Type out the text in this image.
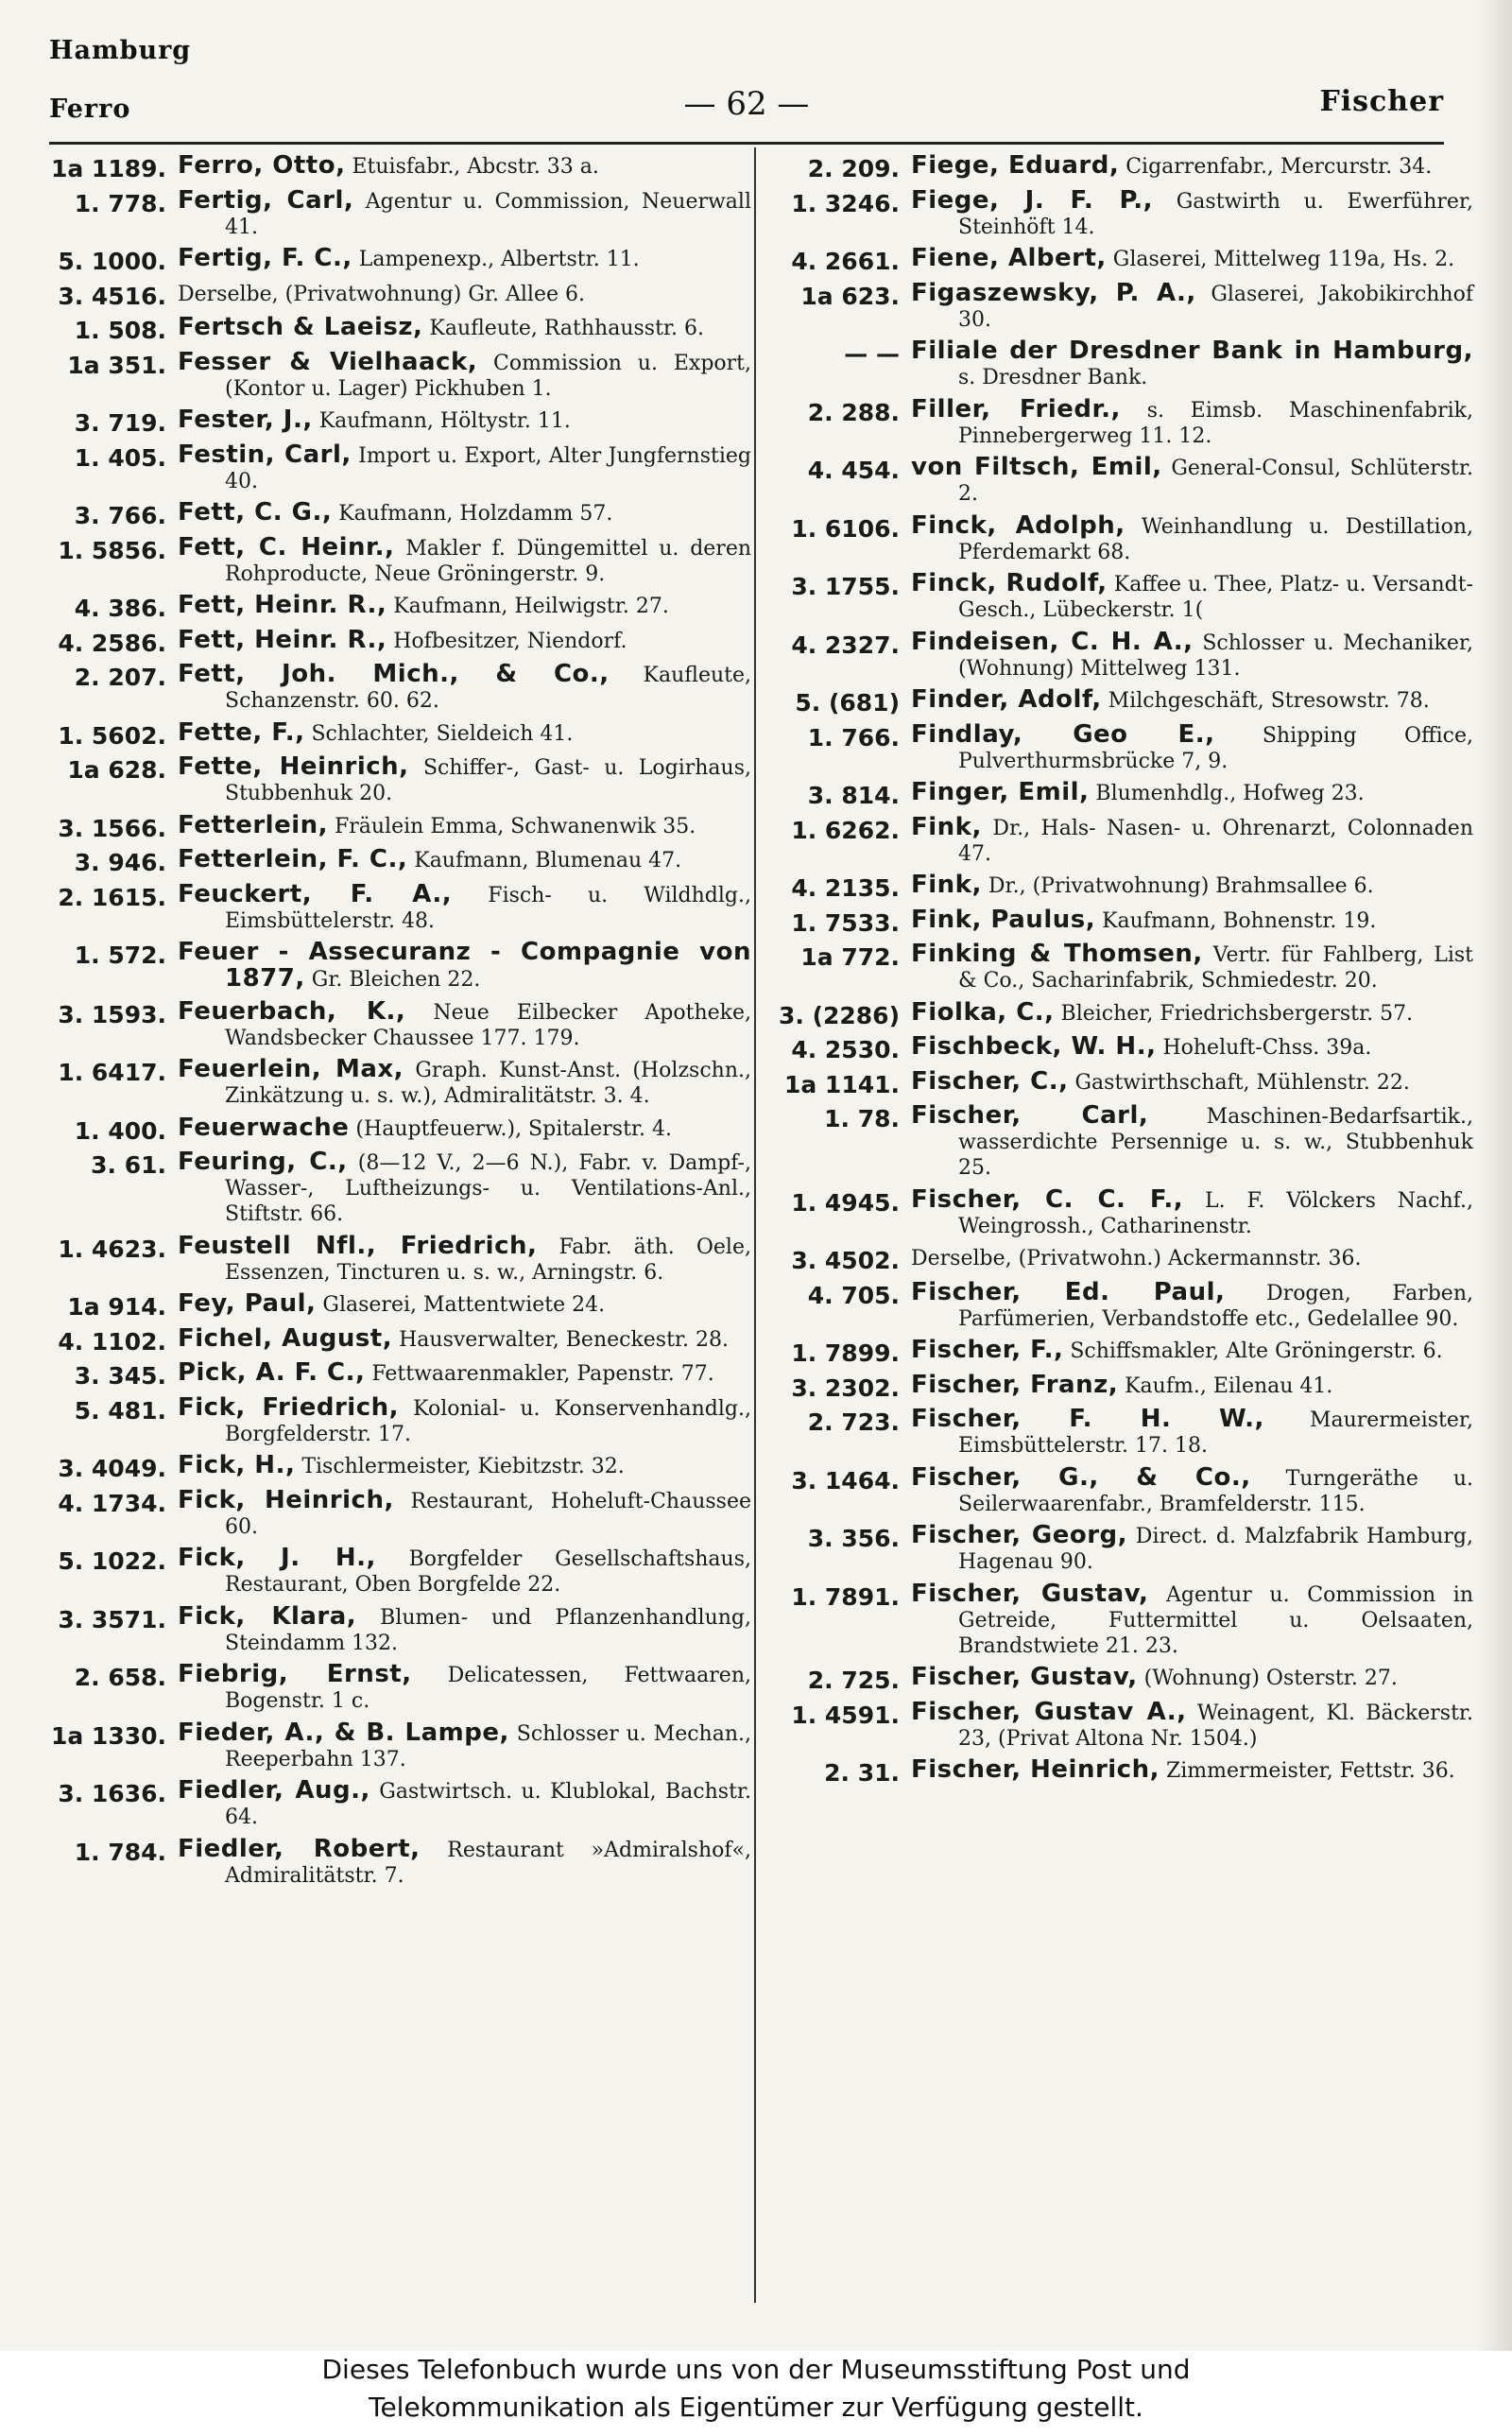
Hamburg
Ferro	— 62 —	Fischer
1a 1189. Ferro, Otto, Etuisfabr., Abcstr. 33 a.
1. 778. Fertig, Carl, Agentur u. Commission, Neuerwall 41.
5. 1000. Fertig, F. C., Lampenexp., Albertstr. 11.
3. 4516. Derselbe, (Privatwohnung) Gr. Allee 6.
1. 508. Fertsch & Laeisz, Kaufleute, Rathhausstr. 6.
1a 351. Fesser & Vielhaack, Commission u. Export, (Kontor u. Lager) Pickhuben 1.
3. 719. Fester, J., Kaufmann, Höltystr. 11.
1. 405. Festin, Carl, Import u. Export, Alter Jungfernstieg 40.
3. 766. Fett, C. G., Kaufmann, Holzdamm 57.
1. 5856. Fett, C. Heinr., Makler f. Düngemittel u. deren Rohproducte, Neue Gröningerstr. 9.
4. 386. Fett, Heinr. R., Kaufmann, Heilwigstr. 27.
4. 2586. Fett, Heinr. R., Hofbesitzer, Niendorf.
2. 207. Fett, Joh. Mich., & Co., Kaufleute, Schanzenstr. 60. 62.
1. 5602. Fette, F., Schlachter, Sieldeich 41.
1a 628. Fette, Heinrich, Schiffer-, Gast- u. Logirhaus, Stubbenhuk 20.
3. 1566. Fetterlein, Fräulein Emma, Schwanenwik 35.
3. 946. Fetterlein, F. C., Kaufmann, Blumenau 47.
2. 1615. Feuckert, F. A., Fisch- u. Wildhdlg., Eimsbüttelerstr. 48.
1. 572. Feuer - Assecuranz - Compagnie von 1877, Gr. Bleichen 22.
3. 1593. Feuerbach, K., Neue Eilbecker Apotheke, Wandsbecker Chaussee 177. 179.
1. 6417. Feuerlein, Max, Graph. Kunst-Anst. (Holzschn., Zinkätzung u. s. w.), Admiralitätstr. 3. 4.
1. 400. Feuerwache (Hauptfeuerw.), Spitalerstr. 4.
3. 61. Feuring, C., (8—12 V., 2—6 N.), Fabr. v. Dampf-, Wasser-, Luftheizungs- u. Ventilations-Anl., Stiftstr. 66.
1. 4623. Feustell Nfl., Friedrich, Fabr. äth. Oele, Essenzen, Tincturen u. s. w., Arningstr. 6.
1a 914. Fey, Paul, Glaserei, Mattentwiete 24.
4. 1102. Fichel, August, Hausverwalter, Beneckestr. 28.
3. 345. Pick, A. F. C., Fettwaarenmakler, Papenstr. 77.
5. 481. Fick, Friedrich, Kolonial- u. Konservenhandlg., Borgfelderstr. 17.
3. 4049. Fick, H., Tischlermeister, Kiebitzstr. 32.
4. 1734. Fick, Heinrich, Restaurant, Hoheluft-Chaussee 60.
5. 1022. Fick, J. H., Borgfelder Gesellschaftshaus, Restaurant, Oben Borgfelde 22.
3. 3571. Fick, Klara, Blumen- und Pflanzenhandlung, Steindamm 132.
2. 658. Fiebrig, Ernst, Delicatessen, Fettwaaren, Bogenstr. 1 c.
1a 1330. Fieder, A., & B. Lampe, Schlosser u. Mechan., Reeperbahn 137.
3. 1636. Fiedler, Aug., Gastwirtsch. u. Klublokal, Bachstr. 64.
1. 784. Fiedler, Robert, Restaurant »Admiralshof«, Admiralitätstr. 7.
2. 209. Fiege, Eduard, Cigarrenfabr., Mercurstr. 34.
1. 3246. Fiege, J. F. P., Gastwirth u. Ewerführer, Steinhöft 14.
4. 2661. Fiene, Albert, Glaserei, Mittelweg 119a, Hs. 2.
1a 623. Figaszewsky, P. A., Glaserei, Jakobikirchhof 30.
— — Filiale der Dresdner Bank in Hamburg, s. Dresdner Bank.
2. 288. Filler, Friedr., s. Eimsb. Maschinenfabrik, Pinnebergerweg 11. 12.
4. 454. von Filtsch, Emil, General-Consul, Schlüterstr. 2.
1. 6106. Finck, Adolph, Weinhandlung u. Destillation, Pferdemarkt 68.
3. 1755. Finck, Rudolf, Kaffee u. Thee, Platz- u. Versandt-Gesch., Lübeckerstr. 1(
4. 2327. Findeisen, C. H. A., Schlosser u. Mechaniker, (Wohnung) Mittelweg 131.
5. (681) Finder, Adolf, Milchgeschäft, Stresowstr. 78.
1. 766. Findlay, Geo E., Shipping Office, Pulverthurmsbrücke 7, 9.
3. 814. Finger, Emil, Blumenhdlg., Hofweg 23.
1. 6262. Fink, Dr., Hals- Nasen- u. Ohrenarzt, Colonnaden 47.
4. 2135. Fink, Dr., (Privatwohnung) Brahmsallee 6.
1. 7533. Fink, Paulus, Kaufmann, Bohnenstr. 19.
1a 772. Finking & Thomsen, Vertr. für Fahlberg, List & Co., Sacharinfabrik, Schmiedestr. 20.
3. (2286) Fiolka, C., Bleicher, Friedrichsbergerstr. 57.
4. 2530. Fischbeck, W. H., Hoheluft-Chss. 39a.
1a 1141. Fischer, C., Gastwirthschaft, Mühlenstr. 22.
1. 78. Fischer, Carl, Maschinen-Bedarfsartik., wasserdichte Persennige u. s. w., Stubbenhuk 25.
1. 4945. Fischer, C. C. F., L. F. Völckers Nachf., Weingrossh., Catharinenstr.
3. 4502. Derselbe, (Privatwohn.) Ackermannstr. 36.
4. 705. Fischer, Ed. Paul, Drogen, Farben, Parfümerien, Verbandstoffe etc., Gedelallee 90.
1. 7899. Fischer, F., Schiffsmakler, Alte Gröningerstr. 6.
3. 2302. Fischer, Franz, Kaufm., Eilenau 41.
2. 723. Fischer, F. H. W., Maurermeister, Eimsbüttelerstr. 17. 18.
3. 1464. Fischer, G., & Co., Turngeräthe u. Seilerwaarenfabr., Bramfelderstr. 115.
3. 356. Fischer, Georg, Direct. d. Malzfabrik Hamburg, Hagenau 90.
1. 7891. Fischer, Gustav, Agentur u. Commission in Getreide, Futtermittel u. Oelsaaten, Brandstwiete 21. 23.
2. 725. Fischer, Gustav, (Wohnung) Osterstr. 27.
1. 4591. Fischer, Gustav A., Weinagent, Kl. Bäckerstr. 23, (Privat Altona Nr. 1504.)
2. 31. Fischer, Heinrich, Zimmermeister, Fettstr. 36.
Dieses Telefonbuch wurde uns von der Museumsstiftung Post und
Telekommunikation als Eigentümer zur Verfügung gestellt.
